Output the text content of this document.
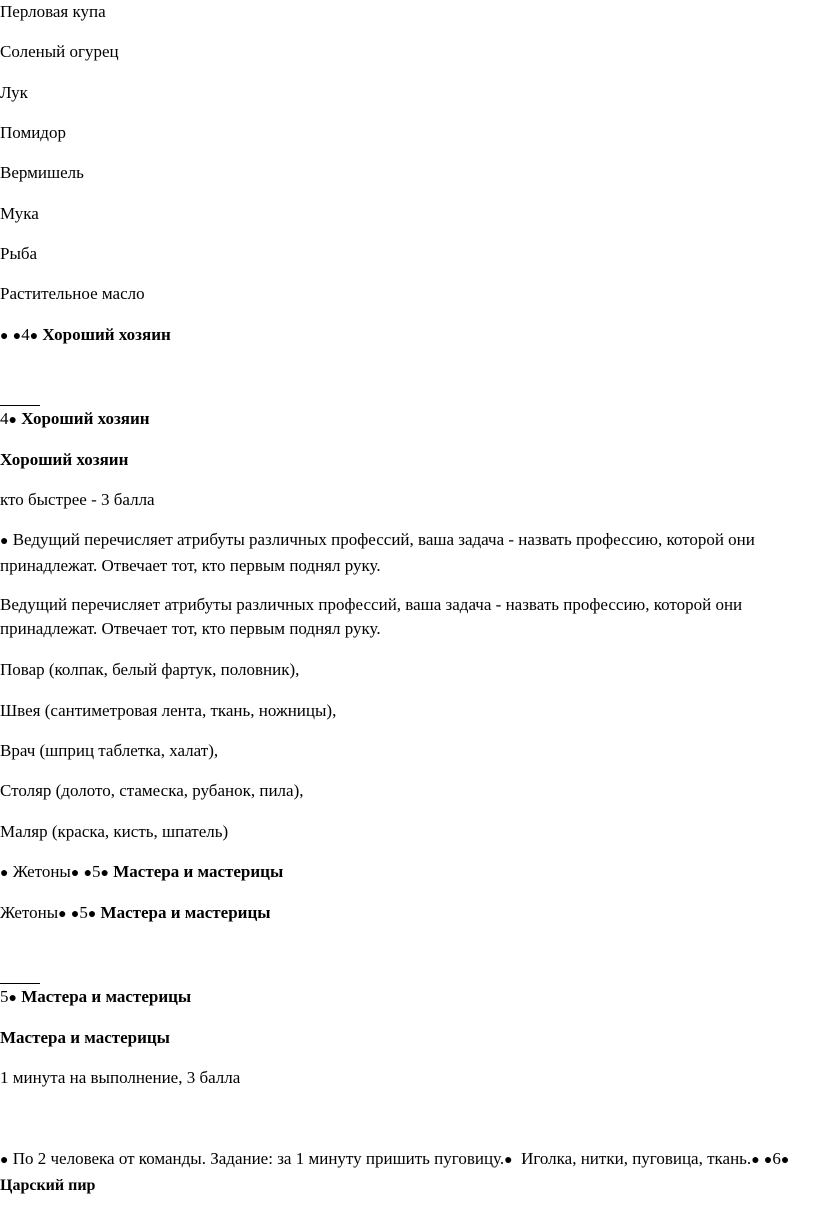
Перловая купа
Соленый огурец
Лук
Помидор
Вермишель
Мука
Рыба
Растительное масло
● ●4● Хороший хозяин
4● Хороший хозяин
Хороший хозяин
кто быстрее - 3 балла
● Ведущий перечисляет атрибуты различных профессий, ваша задача - назвать профессию, которой они принадлежат. Отвечает тот, кто первым поднял руку.
Ведущий перечисляет атрибуты различных профессий, ваша задача - назвать профессию, которой они принадлежат. Отвечает тот, кто первым поднял руку.
Повар (колпак, белый фартук, половник),
Швея (сантиметровая лента, ткань, ножницы),
Врач (шприц таблетка, халат),
Столяр (долото, стамеска, рубанок, пила),
Маляр (краска, кисть, шпатель)
● Жетоны● ●5● Мастера и мастерицы
Жетоны● ●5● Мастера и мастерицы
5● Мастера и мастерицы
Мастера и мастерицы
1 минута на выполнение, 3 балла
● По 2 человека от команды. Задание: за 1 минуту пришить пуговицу.● Иголка, нитки, пуговица, ткань.● ●6● Царский пир
